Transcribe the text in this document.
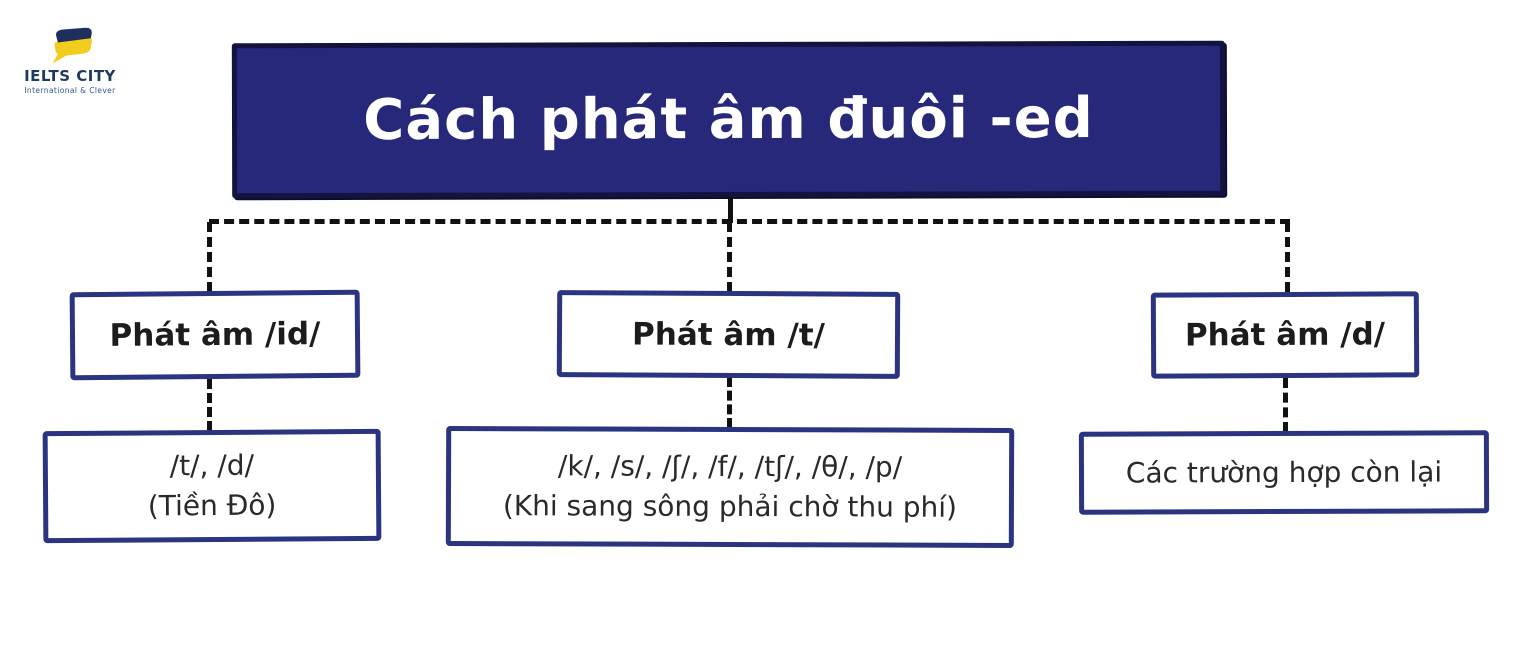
IELTS CITY
International & Clever	Cách phát âm đuôi -ed
Phát âm /id/	Phát âm /t/	Phát âm /d/
/t/, /d/
(Tiền Đô)
/k/, /s/, /ʃ/, /f/, /tʃ/, /θ/, /p/
(Khi sang sông phải chờ thu phí)
Các trường hợp còn lại
